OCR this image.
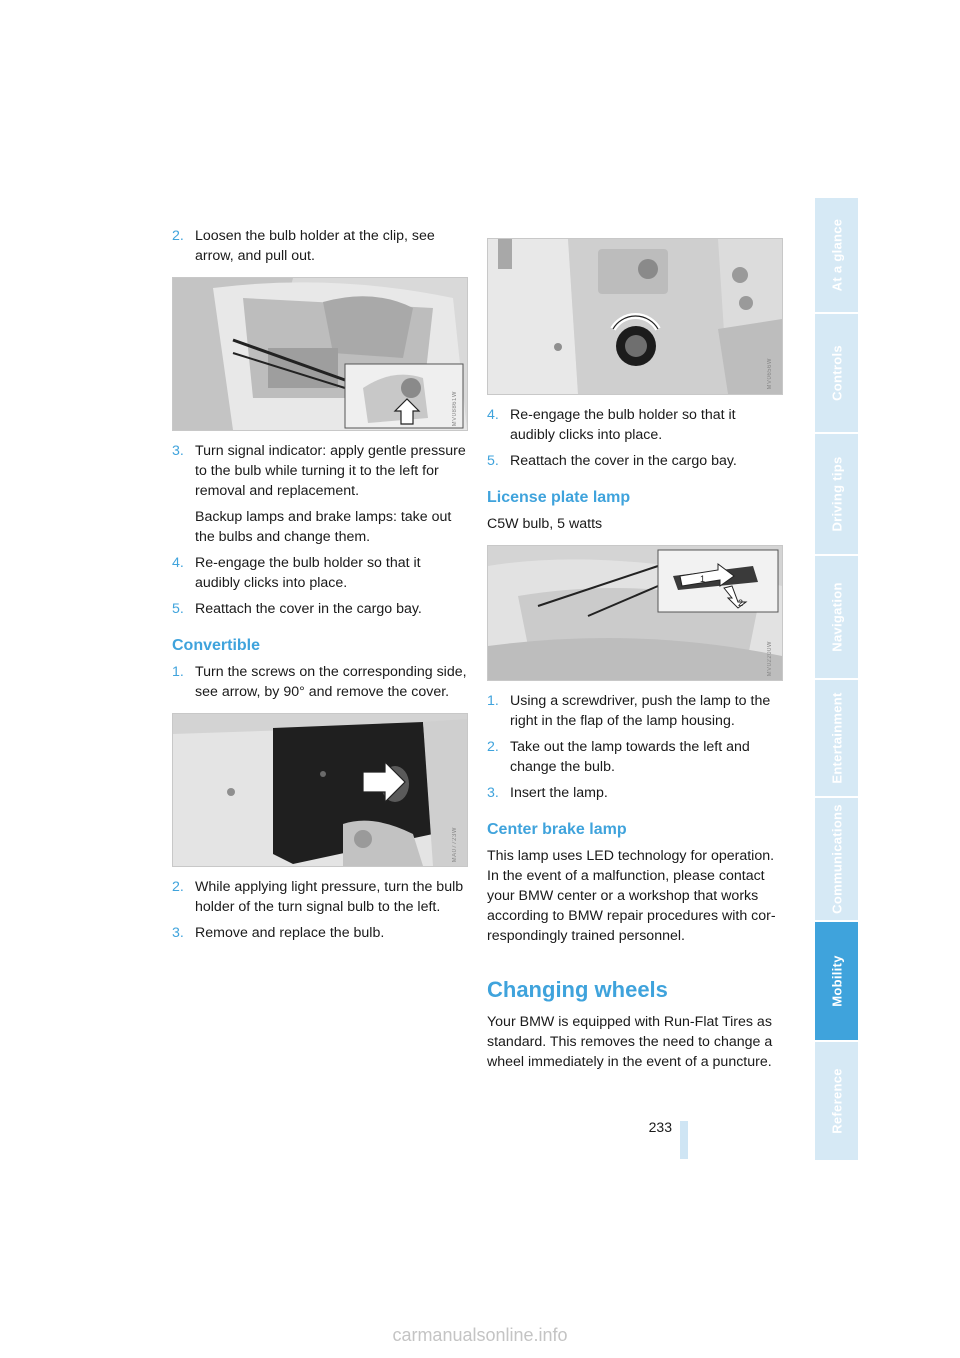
2. Loosen the bulb holder at the clip, see arrow, and pull out.
MV08861W
3. Turn signal indicator: apply gentle pressure to the bulb while turning it to the left for removal and replacement.
Backup lamps and brake lamps: take out the bulbs and change them.
4. Re-engage the bulb holder so that it audibly clicks into place.
5. Reattach the cover in the cargo bay.
Convertible
1. Turn the screws on the corresponding side, see arrow, by 90° and remove the cover.
MA07723W
2. While applying light pressure, turn the bulb holder of the turn signal bulb to the left.
3. Remove and replace the bulb.
MV0656W
4. Re-engage the bulb holder so that it audibly clicks into place.
5. Reattach the cover in the cargo bay.
License plate lamp
C5W bulb, 5 watts
1
2
MV02200W
1. Using a screwdriver, push the lamp to the right in the flap of the lamp housing.
2. Take out the lamp towards the left and change the bulb.
3. Insert the lamp.
Center brake lamp
This lamp uses LED technology for operation. In the event of a malfunction, please contact your BMW center or a workshop that works according to BMW repair procedures with cor-respondingly trained personnel.
Changing wheels
Your BMW is equipped with Run-Flat Tires as standard. This removes the need to change a wheel immediately in the event of a puncture.
At a glance
Controls
Driving tips
Navigation
Entertainment
Communications
Mobility
Reference
233
carmanualsonline.info
